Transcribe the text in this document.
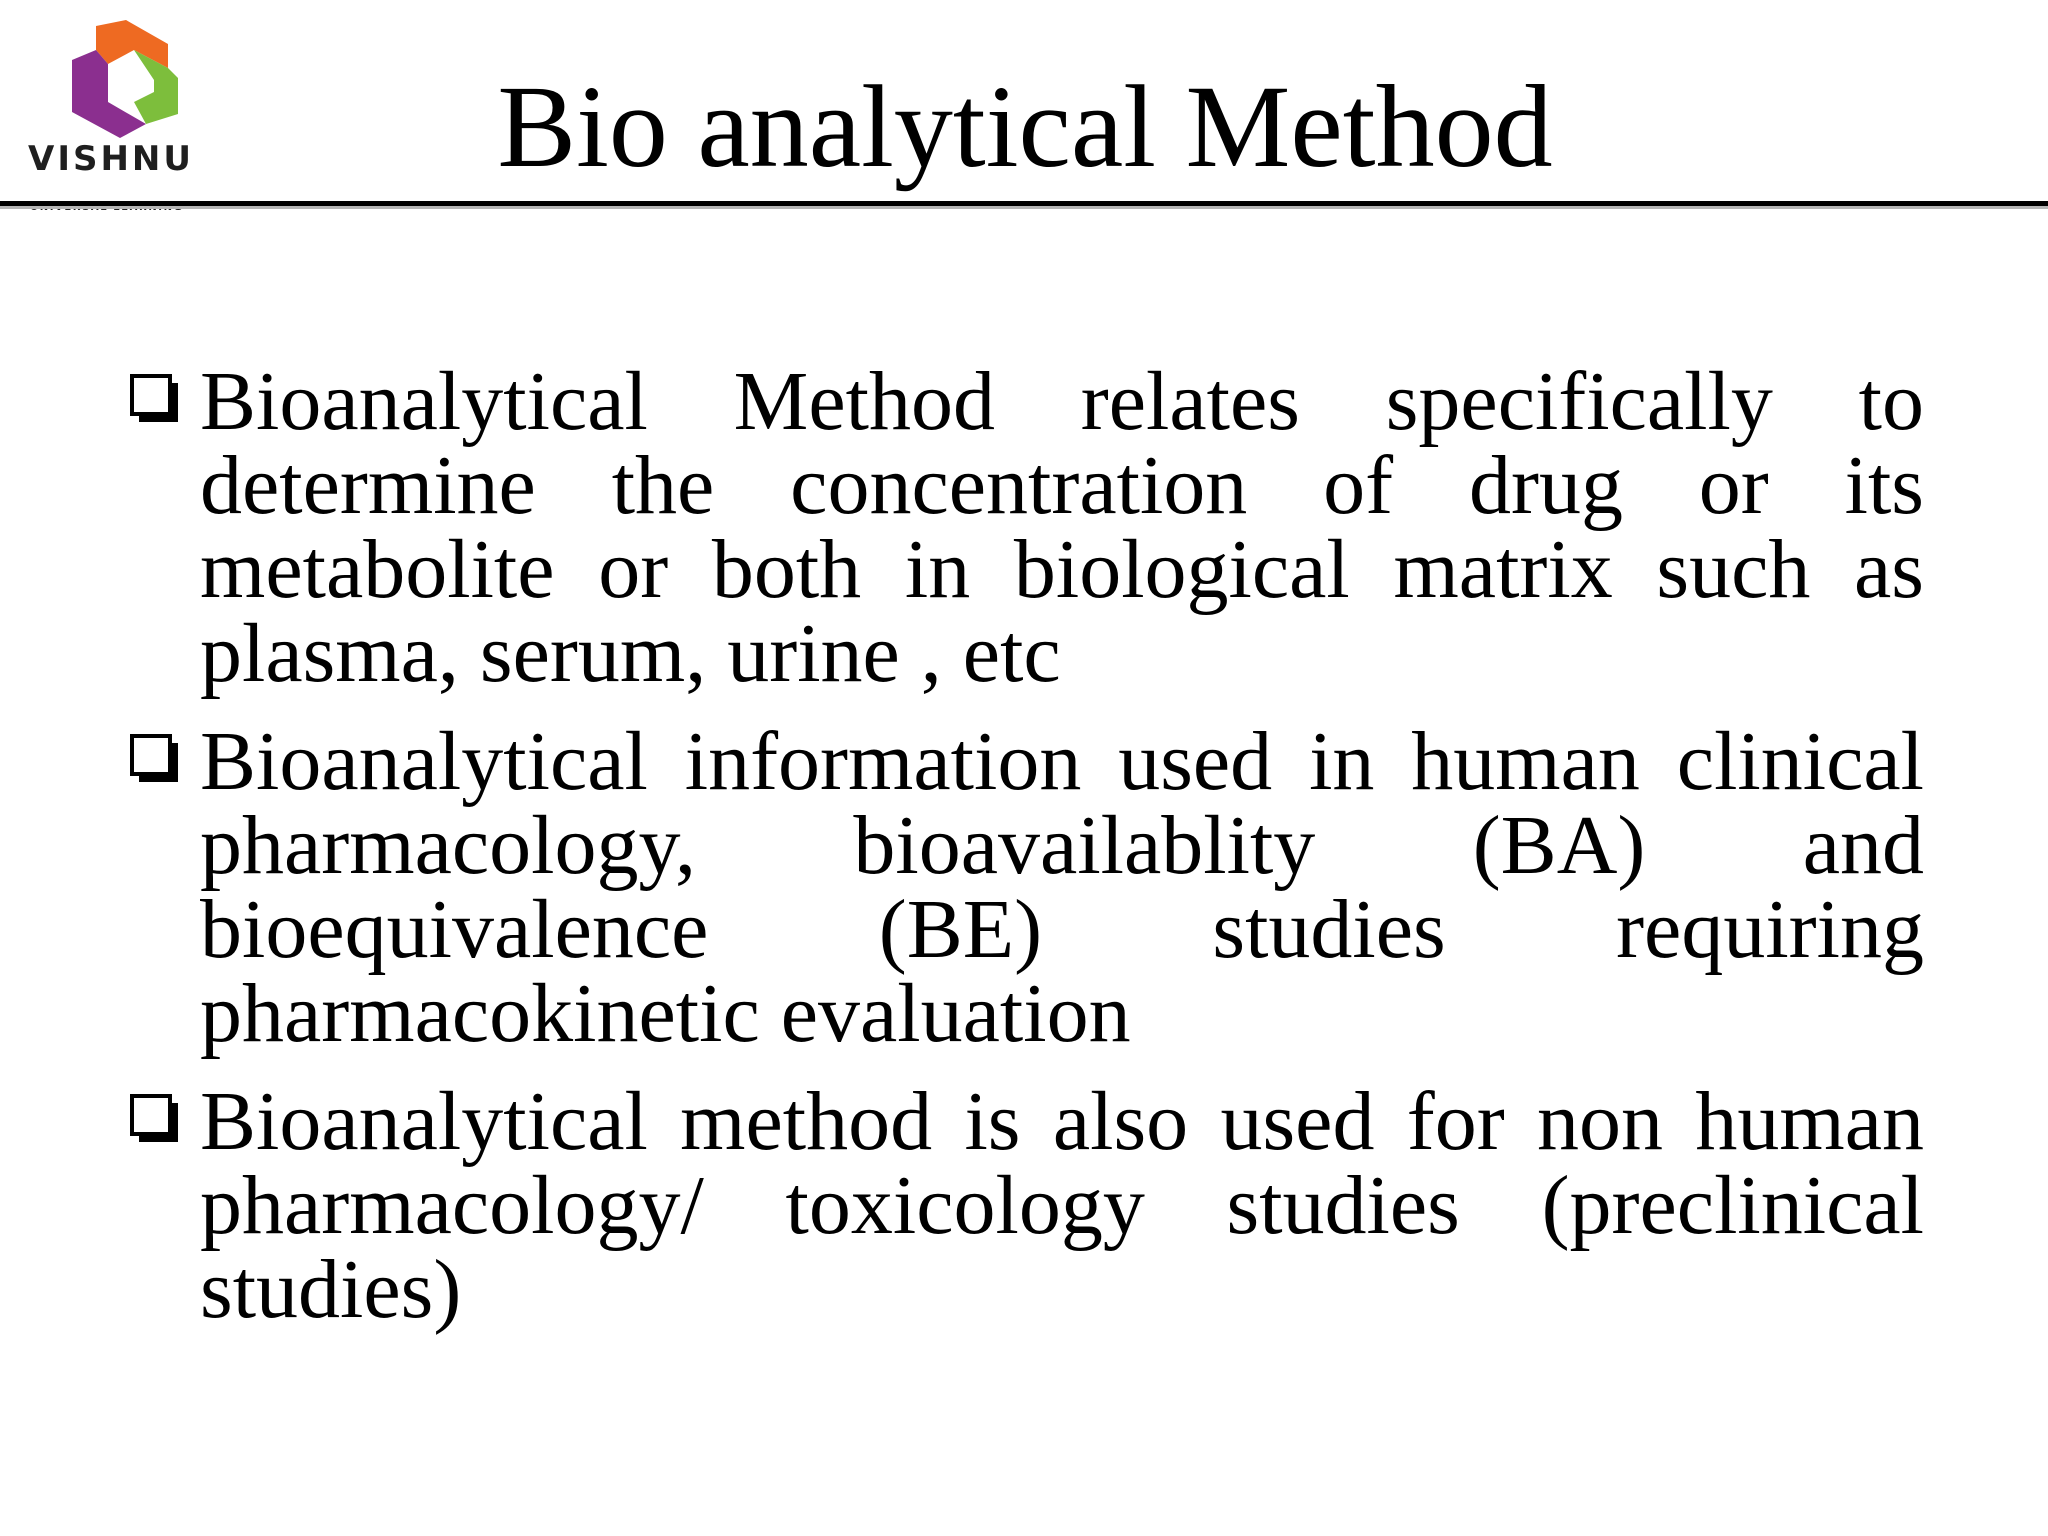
VISHNU	Bio analytical Method
Bioanalytical Method relates specifically to determine the concentration of drug or its metabolite or both in biological matrix such as plasma, serum, urine , etc
Bioanalytical information used in human clinical pharmacology, bioavailablity (BA) and bioequivalence (BE) studies requiring pharmacokinetic evaluation
Bioanalytical method is also used for non human pharmacology/ toxicology studies (preclinical studies)
